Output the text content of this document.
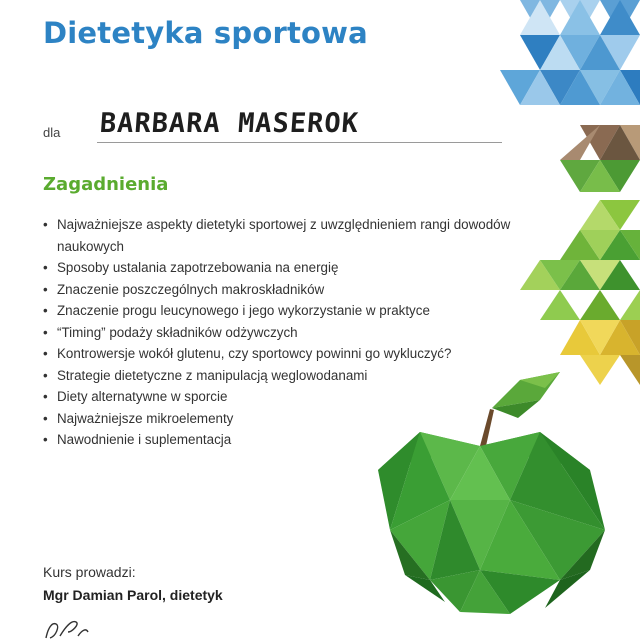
Dietetyka sportowa
dla BARBARA MASEROK
Zagadnienia
• Najważniejsze aspekty dietetyki sportowej z uwzględnieniem rangi dowodów naukowych
• Sposoby ustalania zapotrzebowania na energię
• Znaczenie poszczególnych makroskładników
• Znaczenie progu leucynowego i jego wykorzystanie w praktyce
• “Timing” podaży składników odżywczych
• Kontrowersje wokół glutenu, czy sportowcy powinni go wykluczyć?
• Strategie dietetyczne z manipulacją weglowodanami
• Diety alternatywne w sporcie
• Najważniejsze mikroelementy
• Nawodnienie i suplementacja
Kurs prowadzi:
Mgr Damian Parol, dietetyk
